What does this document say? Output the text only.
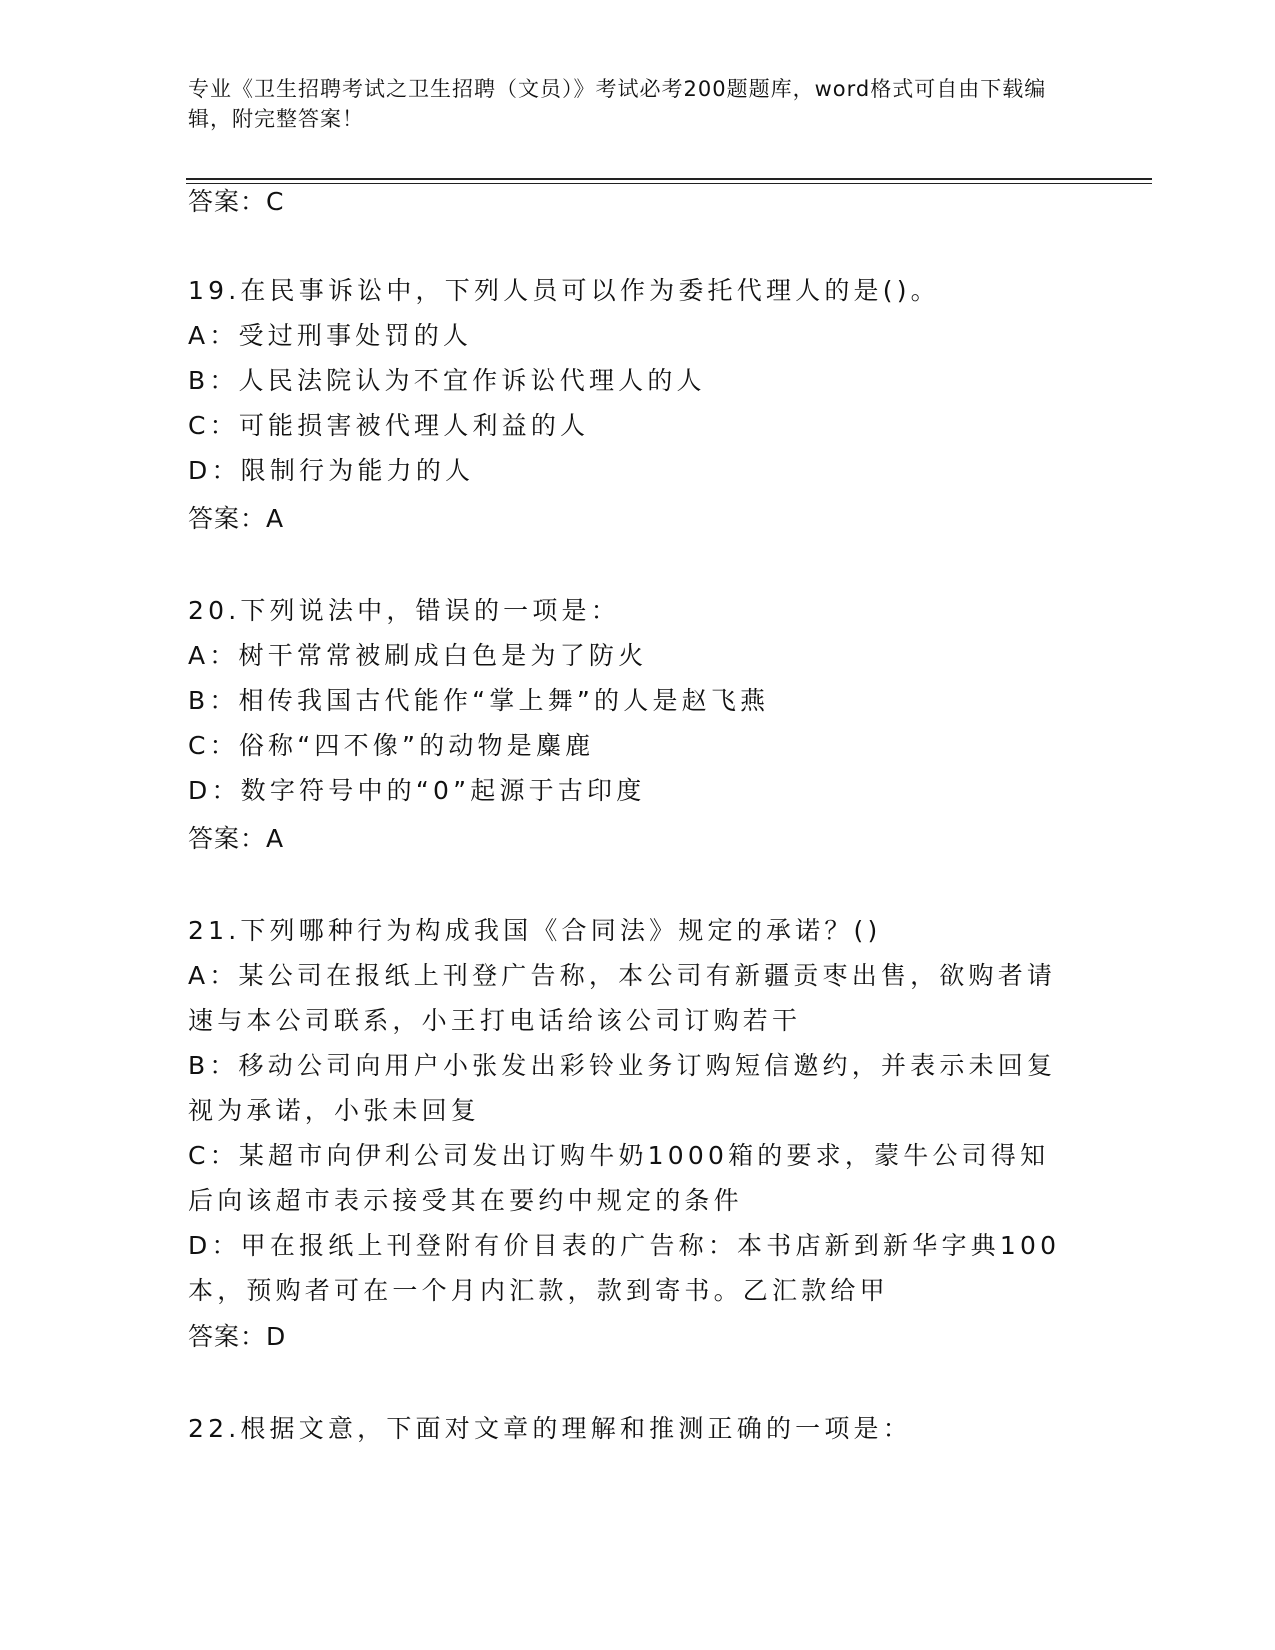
专业《卫生招聘考试之卫生招聘（文员）》考试必考200题题库，word格式可自由下载编辑，附完整答案！
答案：C
19.在民事诉讼中，下列人员可以作为委托代理人的是()。
A：受过刑事处罚的人
B：人民法院认为不宜作诉讼代理人的人
C：可能损害被代理人利益的人
D：限制行为能力的人
答案：A
20.下列说法中，错误的一项是：
A：树干常常被刷成白色是为了防火
B：相传我国古代能作“掌上舞”的人是赵飞燕
C：俗称“四不像”的动物是麋鹿
D：数字符号中的“0”起源于古印度
答案：A
21.下列哪种行为构成我国《合同法》规定的承诺？()
A：某公司在报纸上刊登广告称，本公司有新疆贡枣出售，欲购者请速与本公司联系，小王打电话给该公司订购若干
B：移动公司向用户小张发出彩铃业务订购短信邀约，并表示未回复视为承诺，小张未回复
C：某超市向伊利公司发出订购牛奶1000箱的要求，蒙牛公司得知后向该超市表示接受其在要约中规定的条件
D：甲在报纸上刊登附有价目表的广告称：本书店新到新华字典100本，预购者可在一个月内汇款，款到寄书。乙汇款给甲
答案：D
22.根据文意，下面对文章的理解和推测正确的一项是：
